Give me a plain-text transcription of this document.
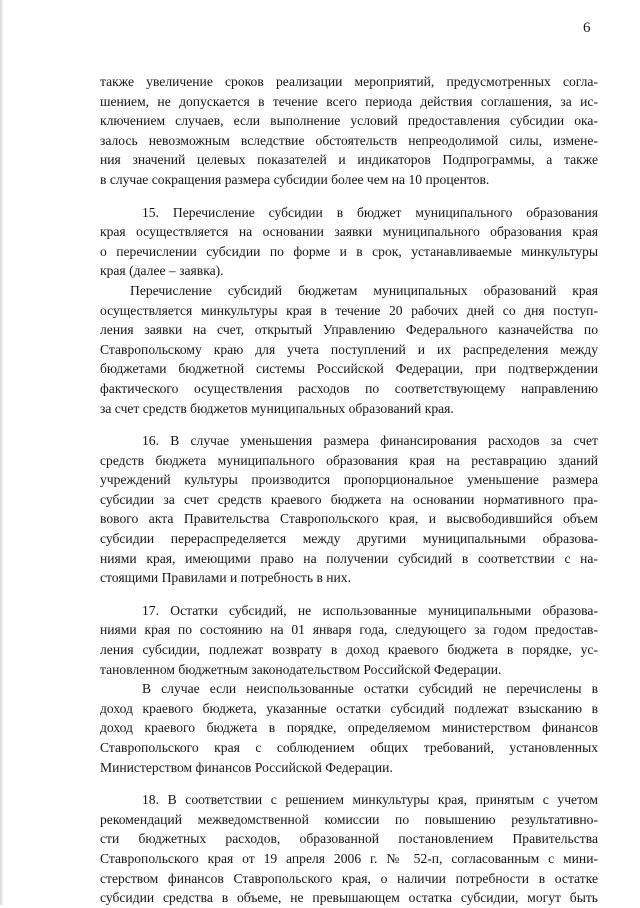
6
также увеличение сроков реализации мероприятий, предусмотренных согла-
шением, не допускается в течение всего периода действия соглашения, за ис-
ключением случаев, если выполнение условий предоставления субсидии ока-
залось невозможным вследствие обстоятельств непреодолимой силы, измене-
ния значений целевых показателей и индикаторов Подпрограммы, а также
в случае сокращения размера субсидии более чем на 10 процентов.
15. Перечисление субсидии в бюджет муниципального образования
края осуществляется на основании заявки муниципального образования края
о перечислении субсидии по форме и в срок, устанавливаемые минкультуры
края (далее – заявка).
Перечисление субсидий бюджетам муниципальных образований края
осуществляется минкультуры края в течение 20 рабочих дней со дня поступ-
ления заявки на счет, открытый Управлению Федерального казначейства по
Ставропольскому краю для учета поступлений и их распределения между
бюджетами бюджетной системы Российской Федерации, при подтверждении
фактического осуществления расходов по соответствующему направлению
за счет средств бюджетов муниципальных образований края.
16. В случае уменьшения размера финансирования расходов за счет
средств бюджета муниципального образования края на реставрацию зданий
учреждений культуры производится пропорциональное уменьшение размера
субсидии за счет средств краевого бюджета на основании нормативного пра-
вового акта Правительства Ставропольского края, и высвободившийся объем
субсидии перераспределяется между другими муниципальными образова-
ниями края, имеющими право на получении субсидий в соответствии с на-
стоящими Правилами и потребность в них.
17. Остатки субсидий, не использованные муниципальными образова-
ниями края по состоянию на 01 января года, следующего за годом предостав-
ления субсидии, подлежат возврату в доход краевого бюджета в порядке, ус-
тановленном бюджетным законодательством Российской Федерации.
В случае если неиспользованные остатки субсидий не перечислены в
доход краевого бюджета, указанные остатки субсидий подлежат взысканию в
доход краевого бюджета в порядке, определяемом министерством финансов
Ставропольского края с соблюдением общих требований, установленных
Министерством финансов Российской Федерации.
18. В соответствии с решением минкультуры края, принятым с учетом
рекомендаций межведомственной комиссии по повышению результативно-
сти бюджетных расходов, образованной постановлением Правительства
Ставропольского края от 19 апреля 2006 г. № 52-п, согласованным с мини-
стерством финансов Ставропольского края, о наличии потребности в остатке
субсидии средства в объеме, не превышающем остатка субсидии, могут быть
